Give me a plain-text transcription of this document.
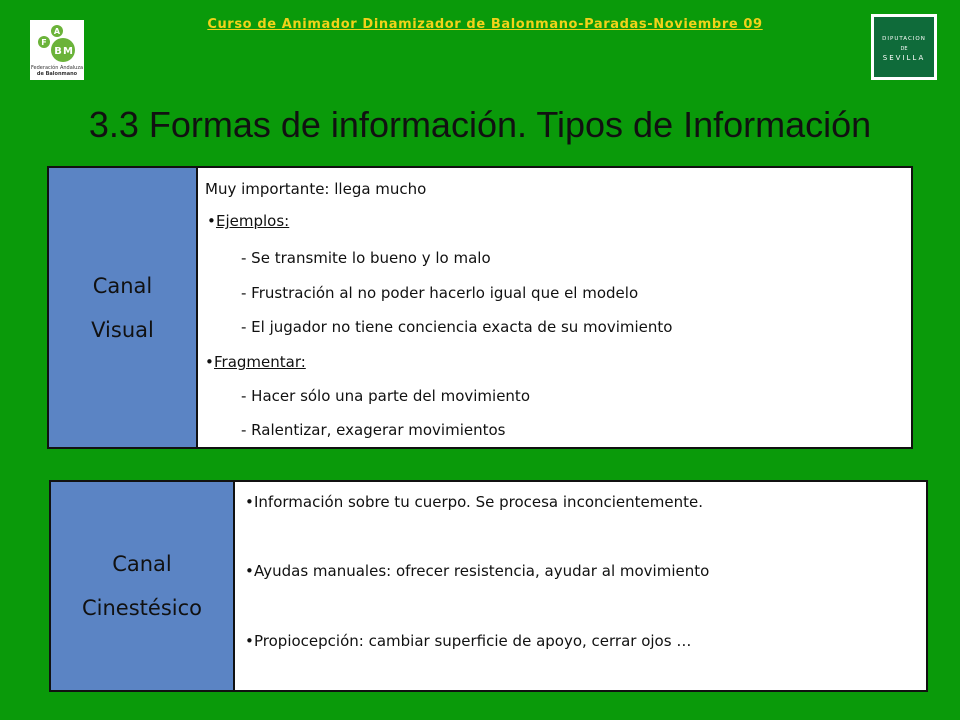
Curso de Animador Dinamizador de Balonmano-Paradas-Noviembre 09
A
F
B M
Federación Andaluza
de Balonmano
DIPUTACION
DE
SEVILLA
3.3 Formas de información. Tipos de Información
Canal
Visual
Muy importante: llega mucho
• Ejemplos:
- Se transmite lo bueno y lo malo
- Frustración al no poder hacerlo igual que el modelo
- El jugador no tiene conciencia exacta de su movimiento
• Fragmentar:
- Hacer sólo una parte del movimiento
- Ralentizar, exagerar movimientos
Canal
Cinestésico
• Información sobre tu cuerpo. Se procesa inconcientemente.
• Ayudas manuales: ofrecer resistencia, ayudar al movimiento
• Propiocepción: cambiar superficie de apoyo, cerrar ojos …
